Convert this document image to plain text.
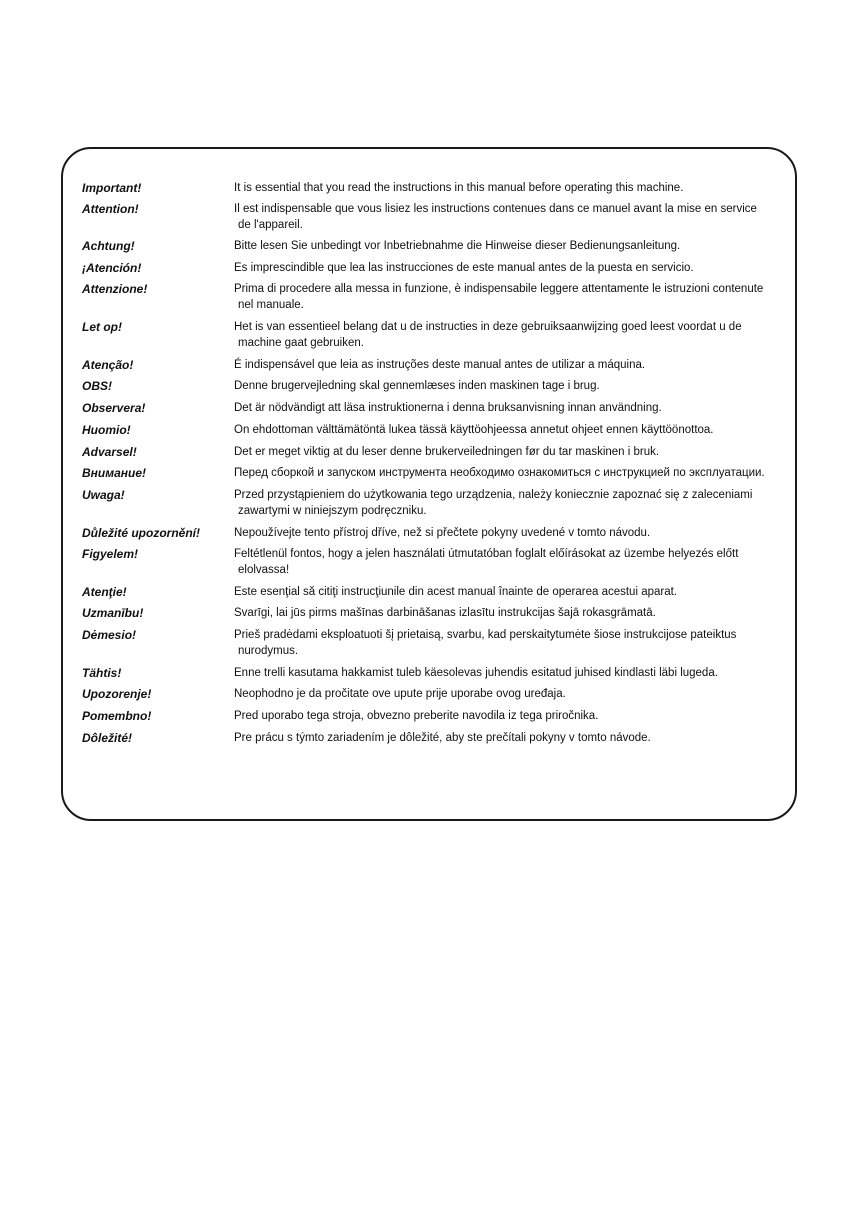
Important!	It is essential that you read the instructions in this manual before operating this machine.
Attention!	Il est indispensable que vous lisiez les instructions contenues dans ce manuel avant la mise en service
de l'appareil.
Achtung!	Bitte lesen Sie unbedingt vor Inbetriebnahme die Hinweise dieser Bedienungsanleitung.
¡Atención!	Es imprescindible que lea las instrucciones de este manual antes de la puesta en servicio.
Attenzione!	Prima di procedere alla messa in funzione, è indispensabile leggere attentamente le istruzioni contenute
nel manuale.
Let op!	Het is van essentieel belang dat u de instructies in deze gebruiksaanwijzing goed leest voordat u de
machine gaat gebruiken.
Atenção!	É indispensável que leia as instruções deste manual antes de utilizar a máquina.
OBS!	Denne brugervejledning skal gennemlæses inden maskinen tage i brug.
Observera!	Det är nödvändigt att läsa instruktionerna i denna bruksanvisning innan användning.
Huomio!	On ehdottoman välttämätöntä lukea tässä käyttöohjeessa annetut ohjeet ennen käyttöönottoa.
Advarsel!	Det er meget viktig at du leser denne brukerveiledningen før du tar maskinen i bruk.
Внимание!	Перед сборкой и запуском инструмента необходимо ознакомиться с инструкцией по эксплуатации.
Uwaga!	Przed przystąpieniem do użytkowania tego urządzenia, należy koniecznie zapoznać się z zaleceniami
zawartymi w niniejszym podręczniku.
Důležité upozornění!	Nepoužívejte tento přístroj dříve, než si přečtete pokyny uvedené v tomto návodu.
Figyelem!	Feltétlenül fontos, hogy a jelen használati útmutatóban foglalt előírásokat az üzembe helyezés előtt
elolvassa!
Atenţie!	Este esenţial să citiţi instrucţiunile din acest manual înainte de operarea acestui aparat.
Uzmanību!	Svarīgi, lai jūs pirms mašīnas darbināšanas izlasītu instrukcijas šajā rokasgrāmatā.
Dėmesio!	Prieš pradėdami eksploatuoti šį prietaisą, svarbu, kad perskaitytumėte šiose instrukcijose pateiktus
nurodymus.
Tähtis!	Enne trelli kasutama hakkamist tuleb käesolevas juhendis esitatud juhised kindlasti läbi lugeda.
Upozorenje!	Neophodno je da pročitate ove upute prije uporabe ovog uređaja.
Pomembno!	Pred uporabo tega stroja, obvezno preberite navodila iz tega priročnika.
Dôležité!	Pre prácu s týmto zariadením je dôležité, aby ste prečítali pokyny v tomto návode.
